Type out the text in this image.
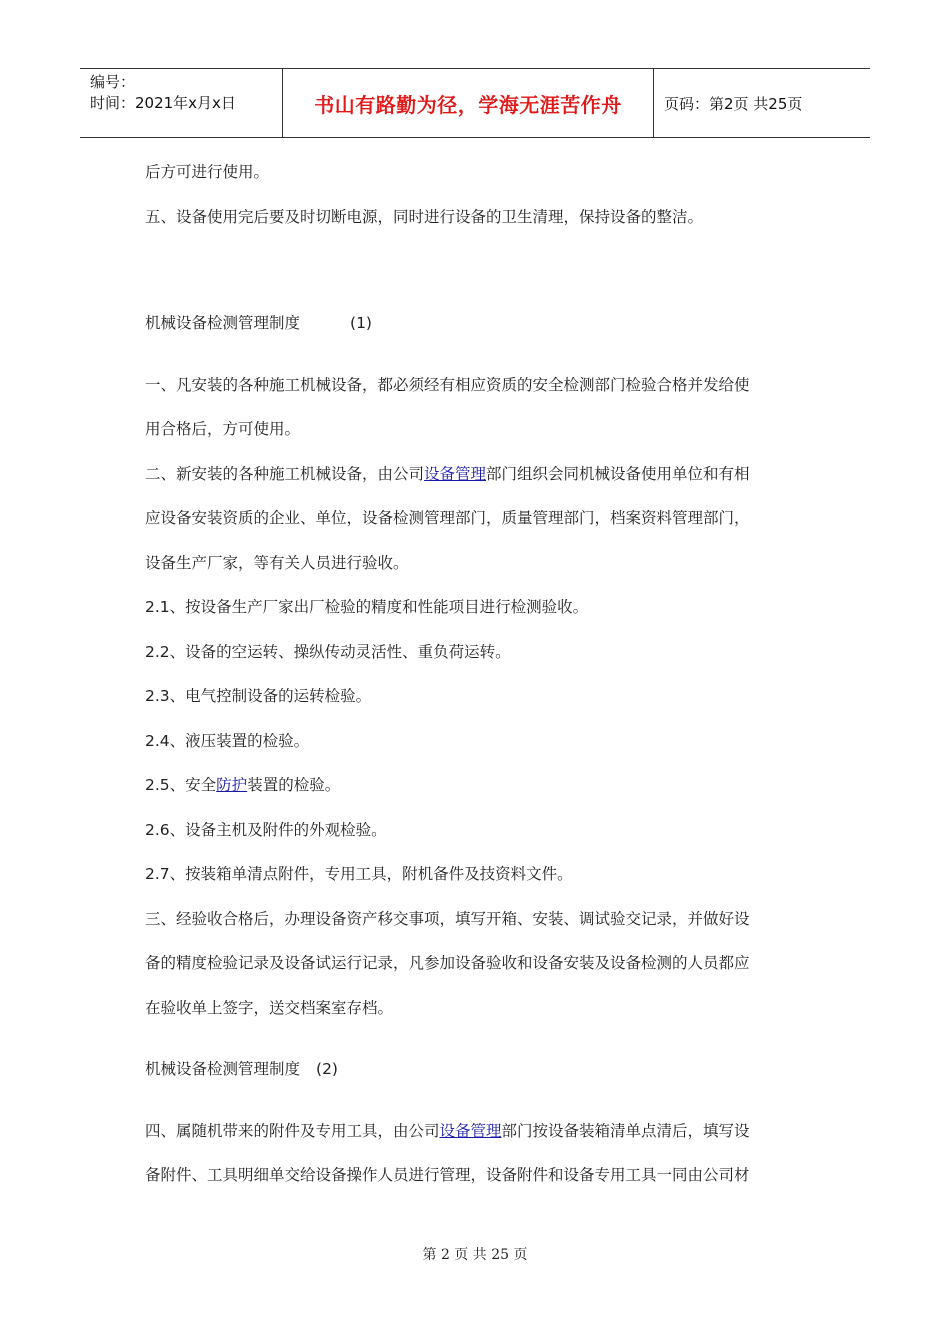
编号：
时间：2021年x月x日	书山有路勤为径，学海无涯苦作舟	页码：第2页 共25页

后方可进行使用。

五、设备使用完后要及时切断电源，同时进行设备的卫生清理，保持设备的整洁。

机械设备检测管理制度	(1)

一、凡安装的各种施工机械设备，都必须经有相应资质的安全检测部门检验合格并发给使

用合格后，方可使用。

二、新安装的各种施工机械设备，由公司设备管理部门组织会同机械设备使用单位和有相

应设备安装资质的企业、单位，设备检测管理部门，质量管理部门，档案资料管理部门，

设备生产厂家，等有关人员进行验收。

2.1、按设备生产厂家出厂检验的精度和性能项目进行检测验收。

2.2、设备的空运转、操纵传动灵活性、重负荷运转。

2.3、电气控制设备的运转检验。

2.4、液压装置的检验。

2.5、安全防护装置的检验。

2.6、设备主机及附件的外观检验。

2.7、按装箱单清点附件，专用工具，附机备件及技资料文件。

三、经验收合格后，办理设备资产移交事项，填写开箱、安装、调试验交记录，并做好设

备的精度检验记录及设备试运行记录，凡参加设备验收和设备安装及设备检测的人员都应

在验收单上签字，送交档案室存档。

机械设备检测管理制度 (2)

四、属随机带来的附件及专用工具，由公司设备管理部门按设备装箱清单点清后，填写设

备附件、工具明细单交给设备操作人员进行管理，设备附件和设备专用工具一同由公司材

第 2 页 共 25 页
